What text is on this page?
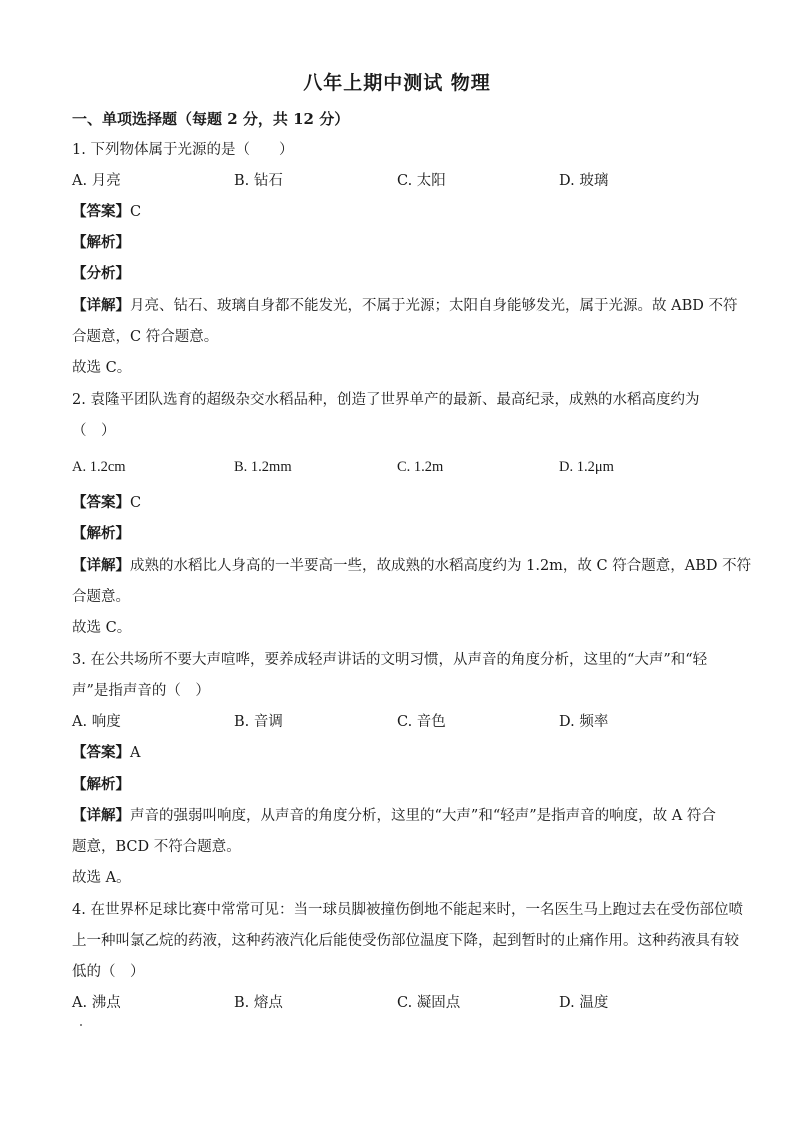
八年上期中测试 物理
一、单项选择题（每题 2 分，共 12 分）
1. 下列物体属于光源的是（　　）
A. 月亮	B. 钻石	C. 太阳	D. 玻璃
【答案】C
【解析】
【分析】
【详解】月亮、钻石、玻璃自身都不能发光，不属于光源；太阳自身能够发光，属于光源。故 ABD 不符
合题意，C 符合题意。
故选 C。
2. 袁隆平团队选育的超级杂交水稻品种，创造了世界单产的最新、最高纪录，成熟的水稻高度约为
（　）
A. 1.2cm	B. 1.2mm	C. 1.2m	D. 1.2μm
【答案】C
【解析】
【详解】成熟的水稻比人身高的一半要高一些，故成熟的水稻高度约为 1.2m，故 C 符合题意，ABD 不符
合题意。
故选 C。
3. 在公共场所不要大声喧哗，要养成轻声讲话的文明习惯，从声音的角度分析，这里的“大声”和“轻
声”是指声音的（　）
A. 响度	B. 音调	C. 音色	D. 频率
【答案】A
【解析】
【详解】声音的强弱叫响度，从声音的角度分析，这里的“大声”和“轻声”是指声音的响度，故 A 符合
题意，BCD 不符合题意。
故选 A。
4. 在世界杯足球比赛中常常可见：当一球员脚被撞伤倒地不能起来时，一名医生马上跑过去在受伤部位喷
上一种叫氯乙烷的药液，这种药液汽化后能使受伤部位温度下降，起到暂时的止痛作用。这种药液具有较
低的（　）
A. 沸点	B. 熔点	C. 凝固点	D. 温度
